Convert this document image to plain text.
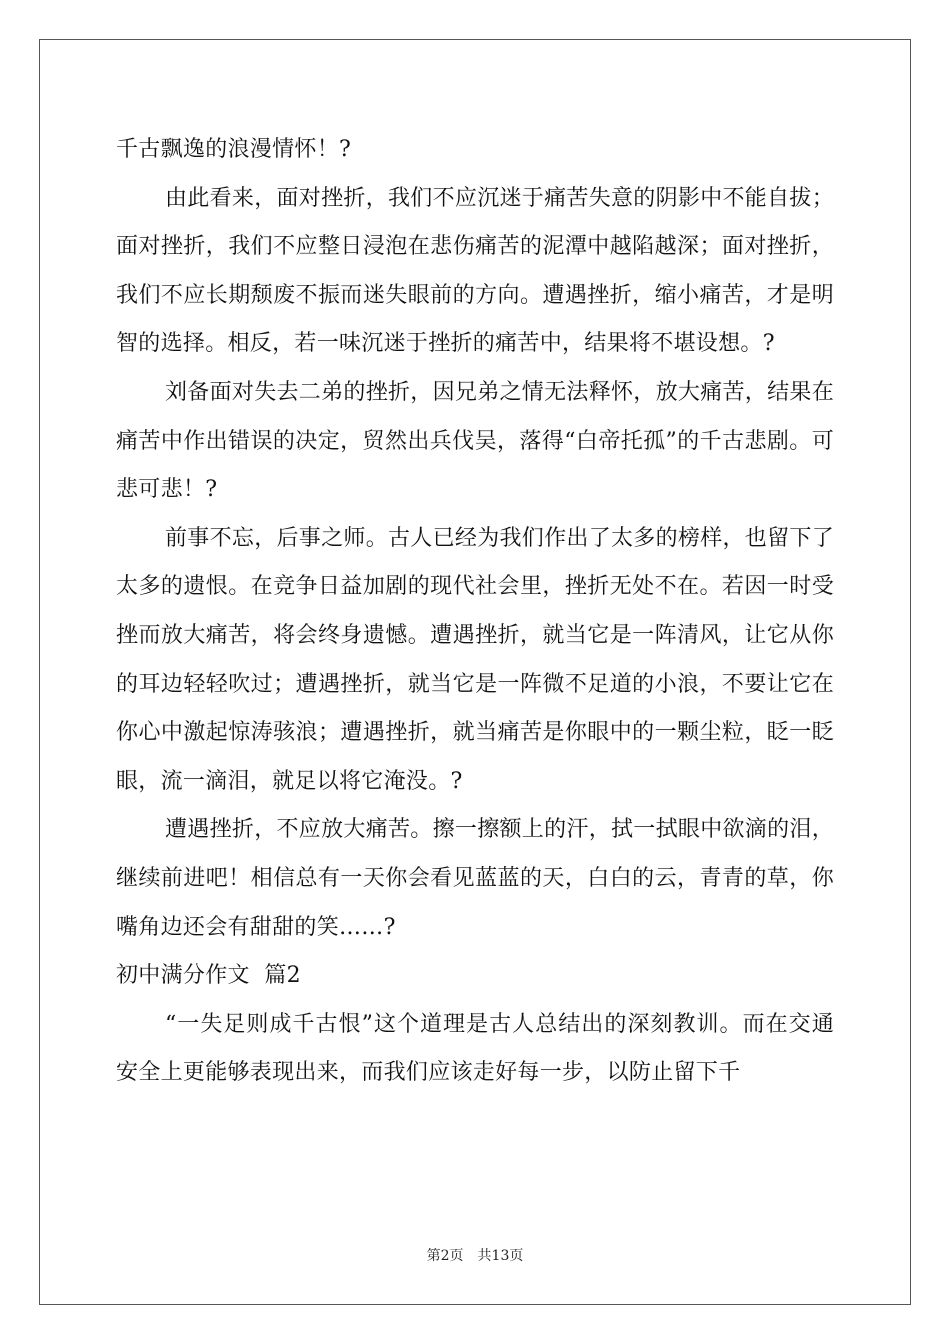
千古飘逸的浪漫情怀！?

由此看来，面对挫折，我们不应沉迷于痛苦失意的阴影中不能自拔；面对挫折，我们不应整日浸泡在悲伤痛苦的泥潭中越陷越深；面对挫折，我们不应长期颓废不振而迷失眼前的方向。遭遇挫折，缩小痛苦，才是明智的选择。相反，若一味沉迷于挫折的痛苦中，结果将不堪设想。?

刘备面对失去二弟的挫折，因兄弟之情无法释怀，放大痛苦，结果在痛苦中作出错误的决定，贸然出兵伐吴，落得“白帝托孤”的千古悲剧。可悲可悲！?

前事不忘，后事之师。古人已经为我们作出了太多的榜样，也留下了太多的遗恨。在竞争日益加剧的现代社会里，挫折无处不在。若因一时受挫而放大痛苦，将会终身遗憾。遭遇挫折，就当它是一阵清风，让它从你的耳边轻轻吹过；遭遇挫折，就当它是一阵微不足道的小浪，不要让它在你心中激起惊涛骇浪；遭遇挫折，就当痛苦是你眼中的一颗尘粒，眨一眨眼，流一滴泪，就足以将它淹没。?

遭遇挫折，不应放大痛苦。擦一擦额上的汗，拭一拭眼中欲滴的泪，继续前进吧！相信总有一天你会看见蓝蓝的天，白白的云，青青的草，你嘴角边还会有甜甜的笑……?

初中满分作文  篇2

“一失足则成千古恨”这个道理是古人总结出的深刻教训。而在交通安全上更能够表现出来，而我们应该走好每一步，以防止留下千

第2页 共13页
